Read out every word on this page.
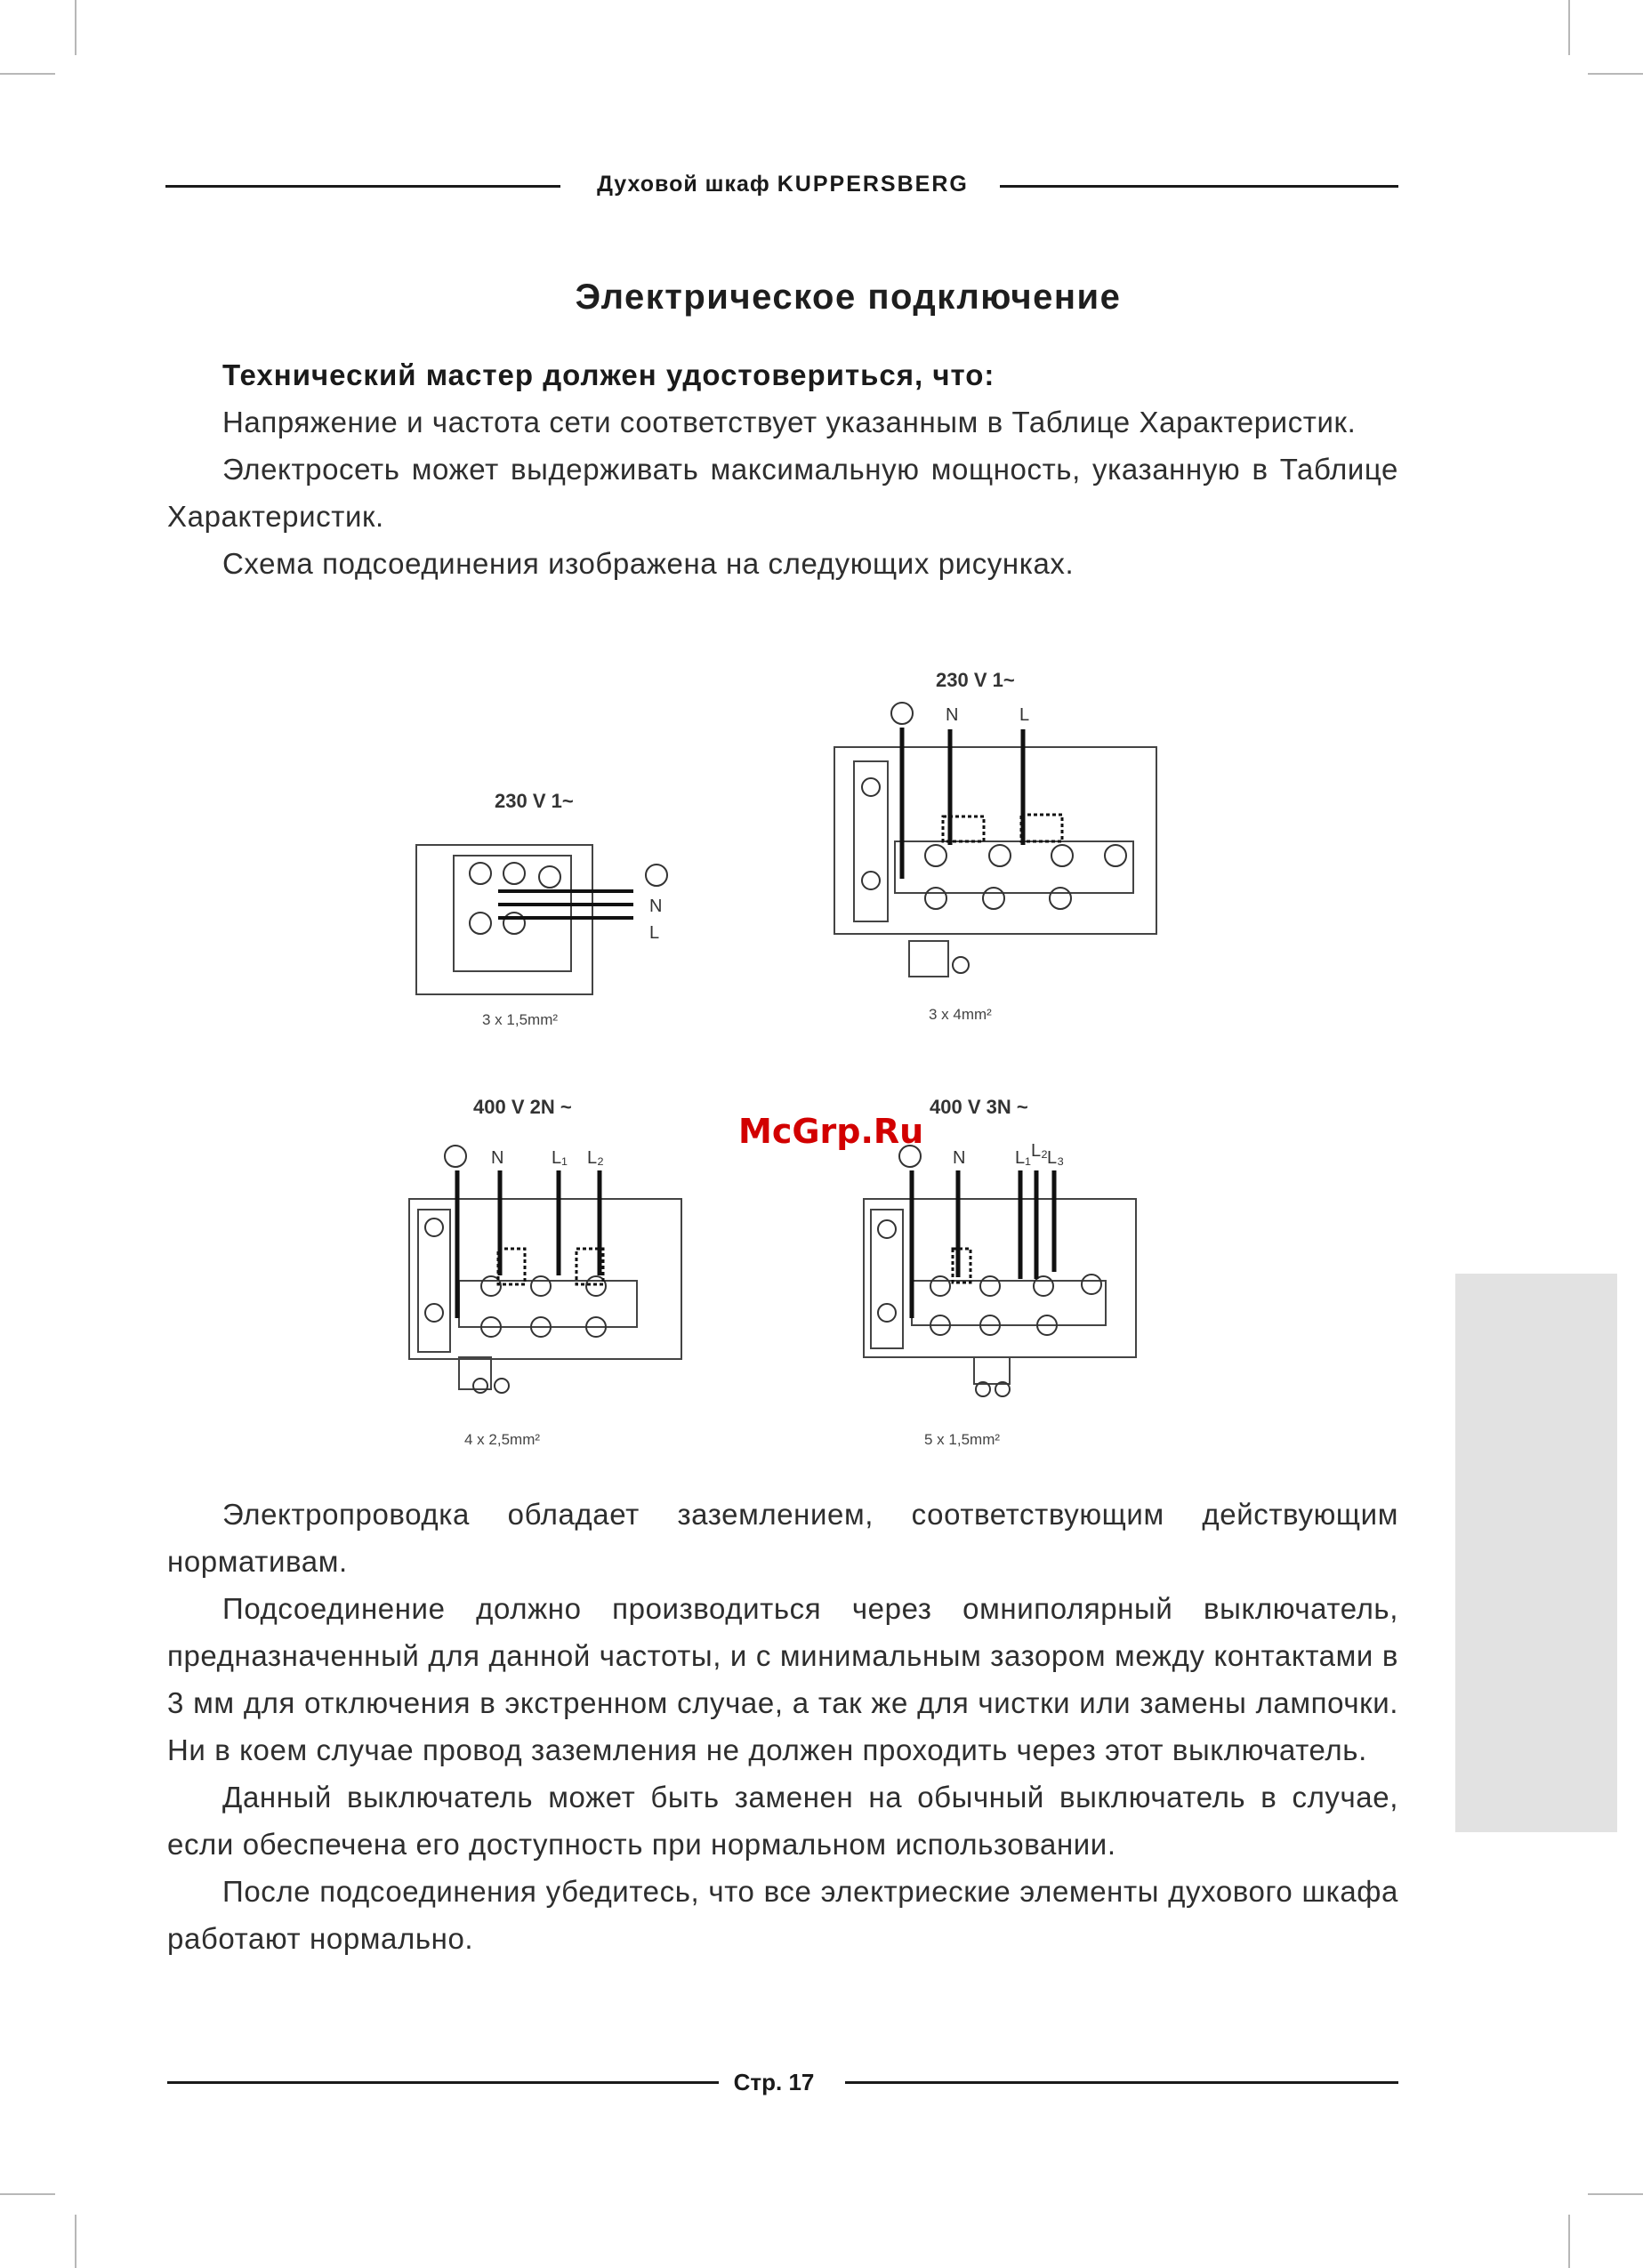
Духовой шкаф KUPPERSBERG
Электрическое подключение

Технический мастер должен удостовериться, что:

Напряжение и частота сети соответствует указанным в Таблице Характеристик.

Электросеть может выдерживать максимальную мощность, указанную в Таблице Характеристик.

Схема подсоединения изображена на следующих рисунках.

230 V 1~
N
L
3 x 1,5mm²
230 V 1~
N	L
3 x 4mm²
400 V 2N ~
N	L₁ L₂
4 x 2,5mm²
400 V 3N ~
N	L₁ L₂ L₃
5 x 1,5mm²
McGrp.Ru

Электропроводка обладает заземлением, соответствующим действующим нормативам.

Подсоединение должно производиться через омниполярный выключатель, предназначенный для данной частоты, и с минимальным зазором между контактами в 3 мм для отключения в экстренном случае, а так же для чистки или замены лампочки. Ни в коем случае провод заземления не должен проходить через этот выключатель.

Данный выключатель может быть заменен на обычный выключатель в случае, если обеспечена его доступность при нормальном использовании.

После подсоединения убедитесь, что все электриеские элементы духового шкафа работают нормально.

Стр. 17
